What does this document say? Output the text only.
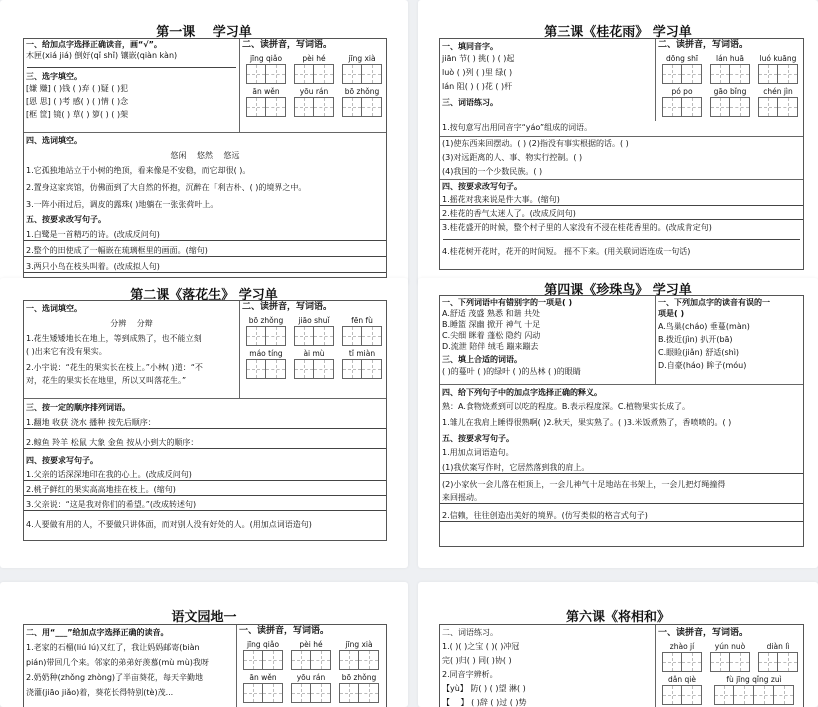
第一课　 学习单
一、给加点字选择正确读音，画“√”。
木匣(xiá jiá) 倒好(qǐ shǐ) 镶嵌(qiàn kàn)
三、选字填空。
[嫌 赚] ( )钱 ( )弃 ( )疑 ( )犯
[恩 思] ( )考 感( ) ( )情 ( )念
[框 筐] 镜( ) 草( ) 箩( ) ( )架
二、读拼音，写词语。
jīng qiǎo	pèi hé	jīng xià
ān wěn	yōu rán	bō zhǒng
四、选词填空。
悠闲　 悠然　 悠远
1.它孤独地站立于小树的绝顶，看来像是不安稳，而它却很( )。
2.置身这家宾馆，仿佛面到了大自然的怀抱，沉醉在「利吉朴、( )的境界之中。
3.一阵小雨过后，调皮的露珠( )地躺在一张张荷叶上。
五、按要求改写句子。
1.白鹭是一首精巧的诗。(改成反问句)
2.整个的田使成了一幅嵌在琉璃框里的画面。(缩句)
3.两只小鸟在枝头叫着。(改成拟人句)
第二课《落花生》 学习单
一、选词填空。
分辨　 分辩
1.花生矮矮地长在地上，等到成熟了，也不能立刻
( )出来它有没有果实。
2.小宇说：“花生的果实长在枝上。”小林( )道：“不
对，花生的果实长在地里，所以又叫落花生。”
二、读拼音，写词语。
bō zhǒng	jiāo shuǐ	fēn fù
máo tíng	ài mù	tǐ miàn
三、按一定的顺序排列词语。
1.翻地 收获 浇水 播种 按先后顺序：
2.鲸鱼 羚羊 松鼠 大象 金鱼 按从小到大的顺序：
四、按要求写句子。
1.父亲的话深深地印在我的心上。(改成反问句)
2.桃子鲜红的果实高高地挂在枝上。(缩句)
3.父亲说：“这是我对你们的希望。”(改成转述句)
4.人要做有用的人，不要做只讲体面，而对别人没有好处的人。(用加点词语造句)
第三课《桂花雨》 学习单
一、填同音字。
jiān 节( ) 挑( ) ( )起
luò ( )列 ( )里 绿( )
lán 阻( ) ( )花 ( )杆
三、词语练习。
二、读拼音，写词语。
dōng shī	lán huā	luó kuāng
pó po	gāo bǐng	chén jìn
1.按句意写出用同音字“yáo”组成的词语。
(1)使东西来回摆动。( ) (2)指没有事实根据的话。( )
(3)对远距离的人、事、物实行控制。( )
(4)我国的一个少数民族。( )
四、按要求改写句子。
1.摇花对我来说是件大事。(缩句)
2.桂花的香气太迷人了。(改成反问句)
3.桂花盛开的时候，整个村子里的人家没有不浸在桂花香里的。(改成肯定句)
4.桂花树开花时，花开的时间短。 摇不下来。(用关联词语连成一句话)
第四课《珍珠鸟》 学习单
一、下列词语中有错别字的一项是( )
A.舒适 茂盛 熟悉 和谐 共处
B.睡篮 深幽 掀开 神气 十足
C.尖细 眯着 蓬松 隐约 闪动
D.流泄 陪伴 绒毛 蹦来蹦去
三、填上合适的词语。
( )的蔓叶 ( )的绿叶 ( )的丛林 ( )的眼睛
一、下列加点字的读音有误的一
项是( )
A.鸟巢(cháo) 垂蔓(màn)
B.拨近(jìn) 扒开(bā)
C.眼睑(jiǎn) 舒适(shì)
D.自豪(háo) 眸子(móu)
四、给下列句子中的加点字选择正确的释义。
熟：A.食物烧煮到可以吃的程度。B.表示程度深。C.植物果实长成了。
1.雏儿在我肩上睡得很熟啊( )2.秋天，果实熟了。( )3.米饭煮熟了，香喷喷的。( )
五、按要求写句子。
1.用加点词语造句。
(1)我伏案写作时，它居然落到我的肩上。
(2)小家伙一会儿落在柜顶上，一会儿神气十足地站在书架上，一会儿把灯绳撞得
来回摇动。
2.信赖，往往创造出美好的境界。(仿写类似的格言式句子)
语文园地一
二、用“___”给加点字选择正确的读音。
1.老家的石榴(liú lú)又红了，我让妈妈邮寄(biàn
pián)带回几个来。邻家的弟弟好羡慕(mù mù)我呀
2.奶奶种(zhǒng zhòng)了半亩葵花，每天辛勤地
浇灌(jiāo jiǎo)着，葵花长得特别(tè)茂...
一、读拼音，写词语。
jīng qiǎo	pèi hé	jīng xià
ān wěn	yōu rán	bō zhǒng
第六课《将相和》
二、词语练习。
1.( )( )之宝 ( )( )冲冠
完( )归( ) 同( )协( )
2.同音字辨析。
【yù】 防( ) ( )望 淋( )
【　 】 ( )辞 ( )过 ( )势
一、读拼音，写词语。
zhào jí	yún nuò	diàn lì
dǎn qiè	fù jīng qǐng zuì
